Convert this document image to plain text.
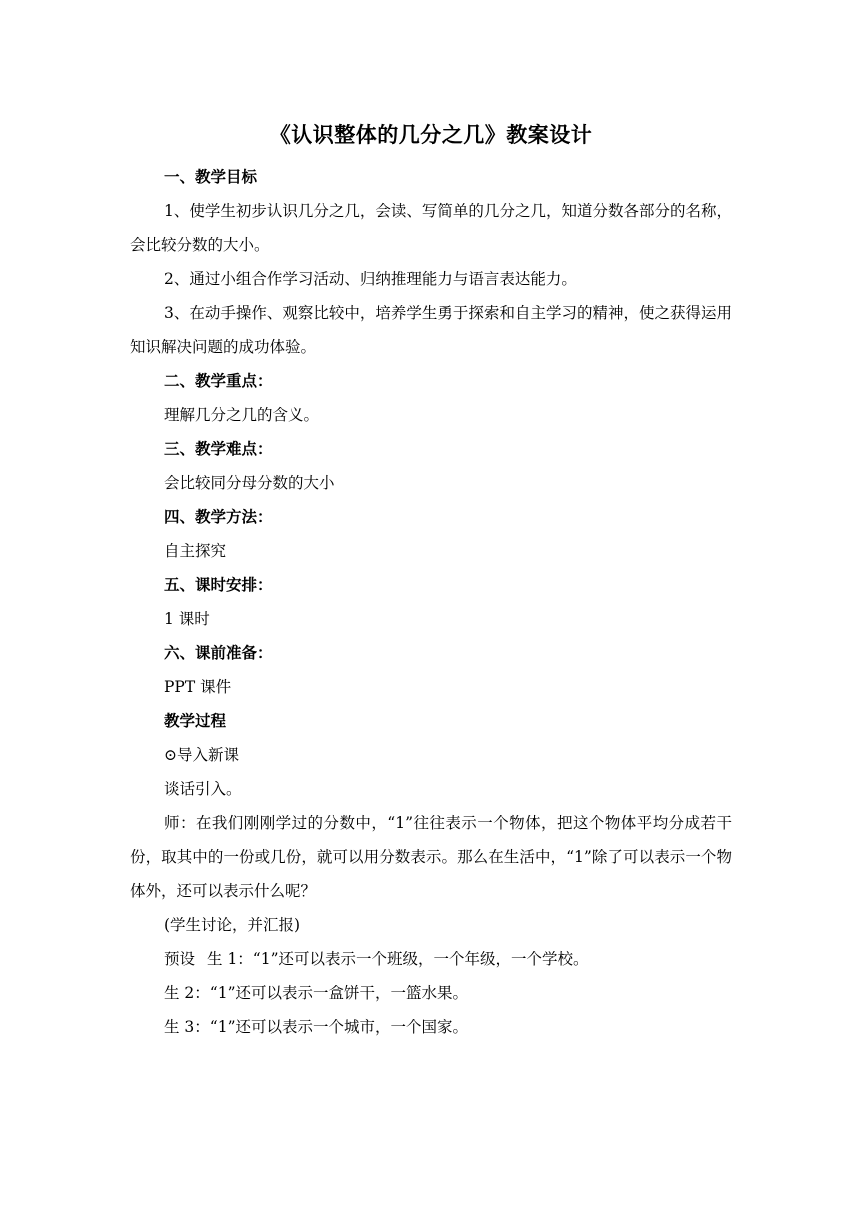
《认识整体的几分之几》教案设计

一、教学目标

1、使学生初步认识几分之几，会读、写简单的几分之几，知道分数各部分的名称，会比较分数的大小。

2、通过小组合作学习活动、归纳推理能力与语言表达能力。

3、在动手操作、观察比较中，培养学生勇于探索和自主学习的精神，使之获得运用知识解决问题的成功体验。

二、教学重点：

理解几分之几的含义。

三、教学难点：

会比较同分母分数的大小

四、教学方法：

自主探究

五、课时安排：

1 课时

六、课前准备：

PPT 课件

教学过程

⊙导入新课

谈话引入。

师：在我们刚刚学过的分数中，“1”往往表示一个物体，把这个物体平均分成若干份，取其中的一份或几份，就可以用分数表示。那么在生活中，“1”除了可以表示一个物体外，还可以表示什么呢？

(学生讨论，并汇报)

预设 生 1：“1”还可以表示一个班级，一个年级，一个学校。

生 2：“1”还可以表示一盒饼干，一篮水果。

生 3：“1”还可以表示一个城市，一个国家。
